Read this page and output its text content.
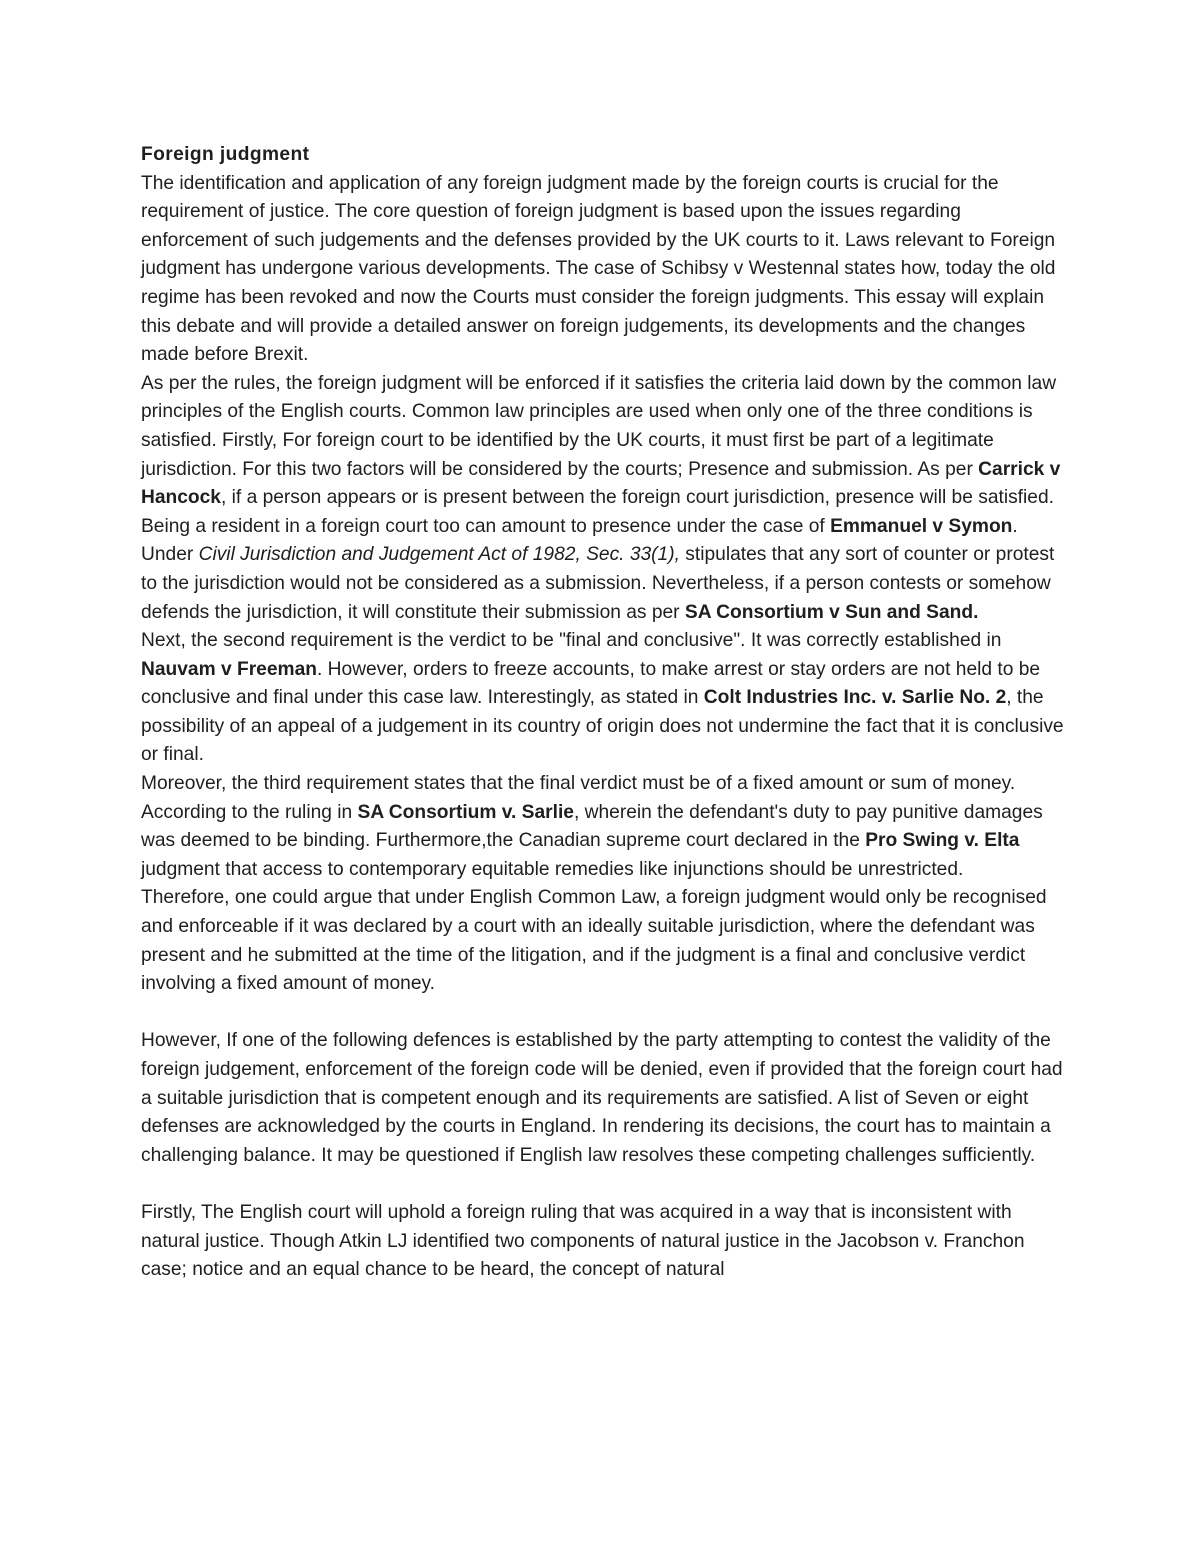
Foreign judgment

The identification and application of any foreign judgment made by the foreign courts is crucial for the requirement of justice. The core question of foreign judgment is based upon the issues regarding enforcement of such judgements and the defenses provided by the UK courts to it. Laws relevant to Foreign judgment has undergone various developments. The case of Schibsy v Westennal states how, today the old regime has been revoked and now the Courts must consider the foreign judgments. This essay will explain this debate and will provide a detailed answer on foreign judgements, its developments and the changes made before Brexit.

As per the rules, the foreign judgment will be enforced if it satisfies the criteria laid down by the common law principles of the English courts. Common law principles are used when only one of the three conditions is satisfied. Firstly, For foreign court to be identified by the UK courts, it must first be part of a legitimate jurisdiction. For this two factors will be considered by the courts; Presence and submission. As per Carrick v Hancock, if a person appears or is present between the foreign court jurisdiction, presence will be satisfied. Being a resident in a foreign court too can amount to presence under the case of Emmanuel v Symon. Under Civil Jurisdiction and Judgement Act of 1982, Sec. 33(1), stipulates that any sort of counter or protest to the jurisdiction would not be considered as a submission. Nevertheless, if a person contests or somehow defends the jurisdiction, it will constitute their submission as per SA Consortium v Sun and Sand.

Next, the second requirement is the verdict to be "final and conclusive". It was correctly established in Nauvam v Freeman. However, orders to freeze accounts, to make arrest or stay orders are not held to be conclusive and final under this case law. Interestingly, as stated in Colt Industries Inc. v. Sarlie No. 2, the possibility of an appeal of a judgement in its country of origin does not undermine the fact that it is conclusive or final.

Moreover, the third requirement states that the final verdict must be of a fixed amount or sum of money. According to the ruling in SA Consortium v. Sarlie, wherein the defendant's duty to pay punitive damages was deemed to be binding. Furthermore,the Canadian supreme court declared in the Pro Swing v. Elta judgment that access to contemporary equitable remedies like injunctions should be unrestricted.

Therefore, one could argue that under English Common Law, a foreign judgment would only be recognised and enforceable if it was declared by a court with an ideally suitable jurisdiction, where the defendant was present and he submitted at the time of the litigation, and if the judgment is a final and conclusive verdict involving a fixed amount of money.

However, If one of the following defences is established by the party attempting to contest the validity of the foreign judgement, enforcement of the foreign code will be denied, even if provided that the foreign court had a suitable jurisdiction that is competent enough and its requirements are satisfied. A list of Seven or eight defenses are acknowledged by the courts in England. In rendering its decisions, the court has to maintain a challenging balance. It may be questioned if English law resolves these competing challenges sufficiently.

Firstly, The English court will uphold a foreign ruling that was acquired in a way that is inconsistent with natural justice. Though Atkin LJ identified two components of natural justice in the Jacobson v. Franchon case; notice and an equal chance to be heard, the concept of natural
